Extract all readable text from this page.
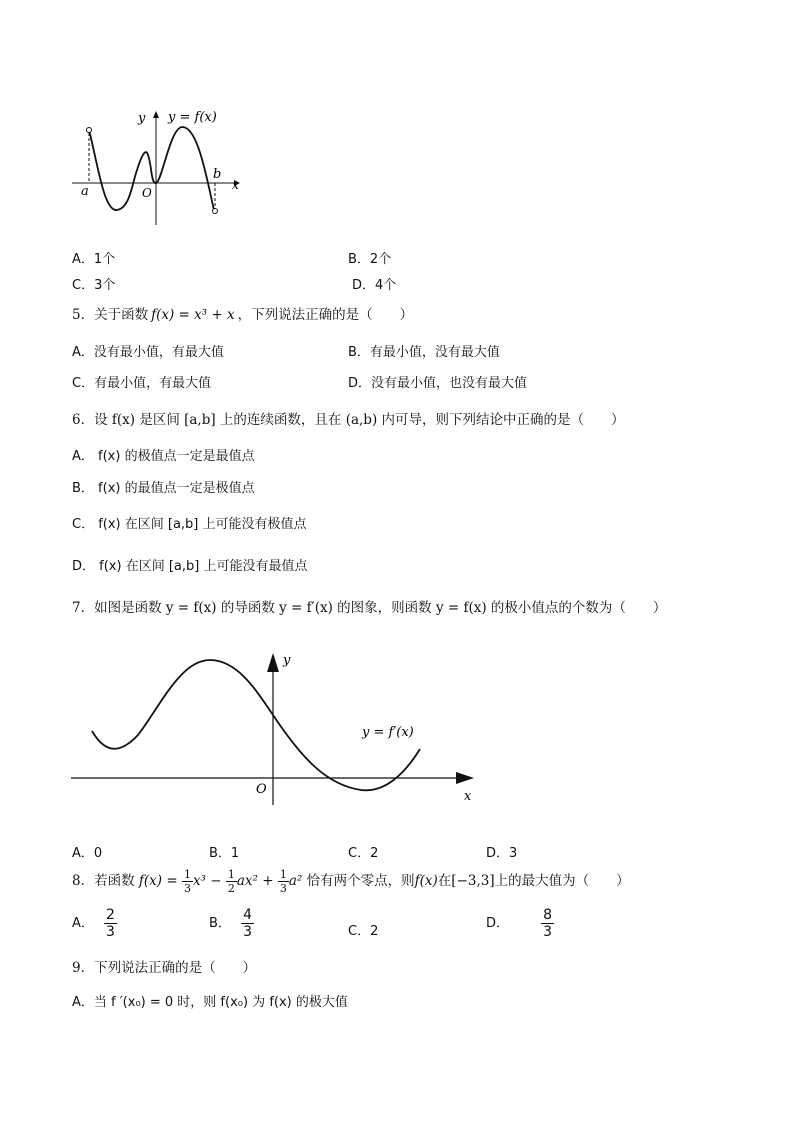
y y = f(x)
x
O
a
b
A．1个	B．2个
C．3个	D．4个
5．关于函数 f(x) = x³ + x ，下列说法正确的是（　　）
A．没有最小值，有最大值	B．有最小值，没有最大值
C．有最小值，有最大值	D．没有最小值，也没有最大值
6．设 f(x) 是区间 [a,b] 上的连续函数，且在 (a,b) 内可导，则下列结论中正确的是（　　）
A． f(x) 的极值点一定是最值点
B． f(x) 的最值点一定是极值点
C． f(x) 在区间 [a,b] 上可能没有极值点
D． f(x) 在区间 [a,b] 上可能没有最值点
7．如图是函数 y = f(x) 的导函数 y = f′(x) 的图象，则函数 y = f(x) 的极小值点的个数为（　　）
y
y = f′(x)
O	x
A．0	B．1	C．2	D．3
8．若函数 $f(x) = \frac{1}{3} x^3 - \frac{1}{2} ax^2 + \frac{1}{3} a^2$ 恰有两个零点，则f(x)在[−3,3]上的最大值为（　　）
A． $\frac{2}{3}$	B． $\frac{4}{3}$	C．2
D． $\frac{8}{3}$
9．下列说法正确的是（　　）
A．当 f ′(x₀) = 0 时，则 f(x₀) 为 f(x) 的极大值
